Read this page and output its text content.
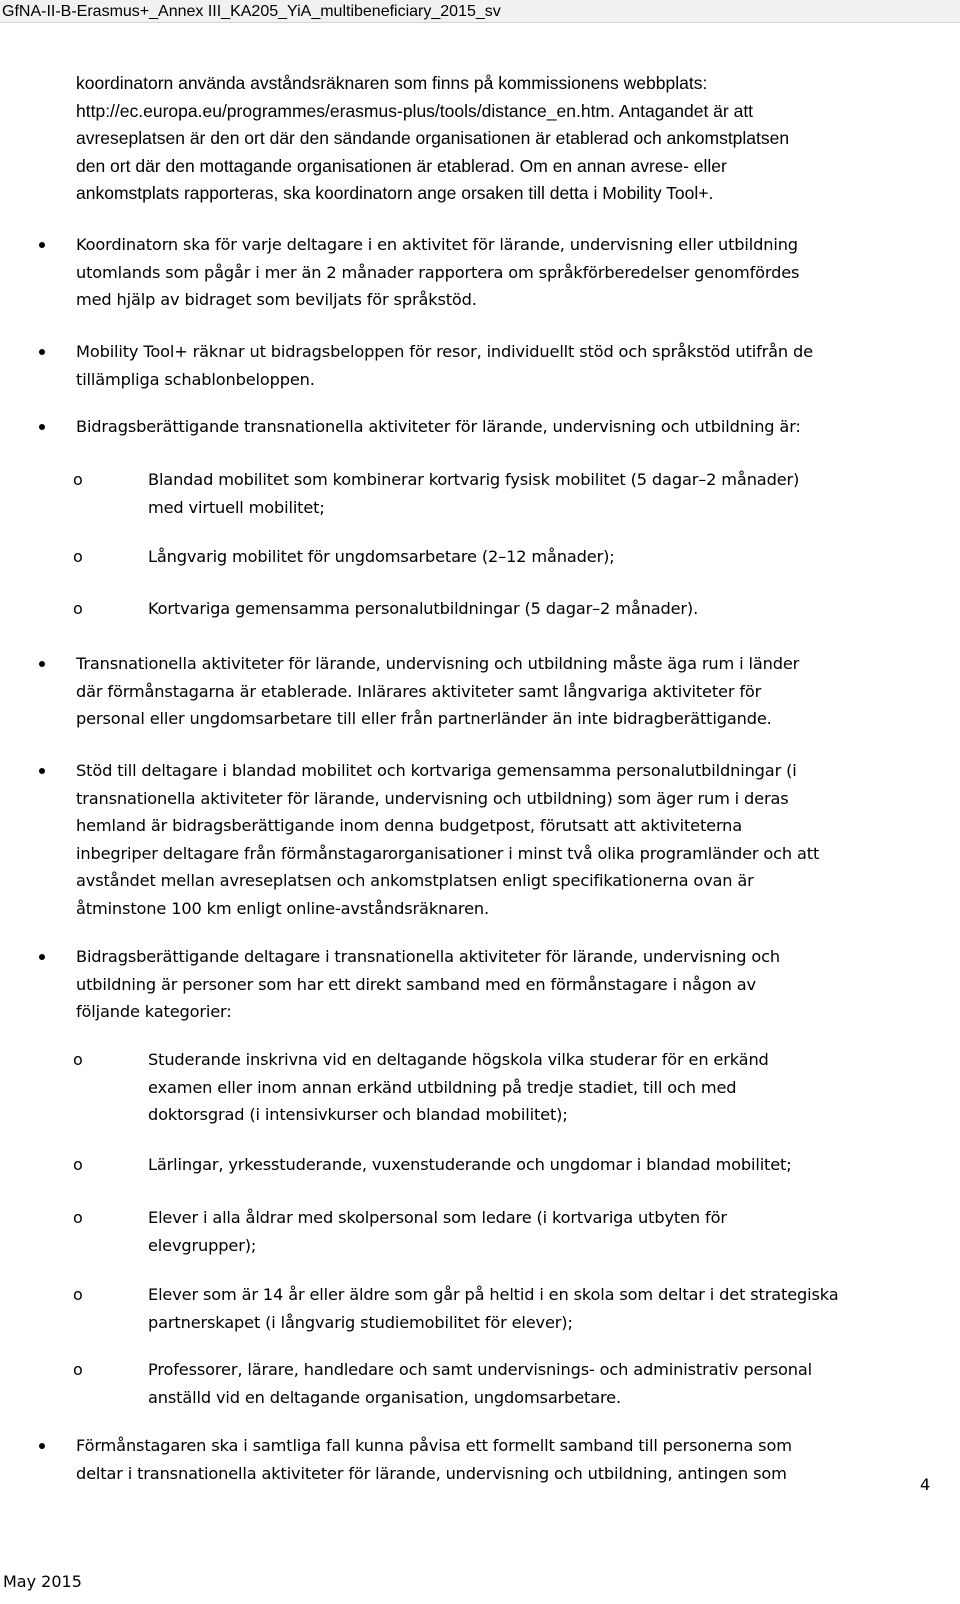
GfNA-II-B-Erasmus+_Annex III_KA205_YiA_multibeneficiary_2015_sv
koordinatorn använda avståndsräknaren som finns på kommissionens webbplats:
http://ec.europa.eu/programmes/erasmus-plus/tools/distance_en.htm. Antagandet är att
avreseplatsen är den ort där den sändande organisationen är etablerad och ankomstplatsen
den ort där den mottagande organisationen är etablerad. Om en annan avrese- eller
ankomstplats rapporteras, ska koordinatorn ange orsaken till detta i Mobility Tool+.
Koordinatorn ska för varje deltagare i en aktivitet för lärande, undervisning eller utbildning
utomlands som pågår i mer än 2 månader rapportera om språkförberedelser genomfördes
med hjälp av bidraget som beviljats för språkstöd.
Mobility Tool+ räknar ut bidragsbeloppen för resor, individuellt stöd och språkstöd utifrån de
tillämpliga schablonbeloppen.
Bidragsberättigande transnationella aktiviteter för lärande, undervisning och utbildning är:
o	Blandad mobilitet som kombinerar kortvarig fysisk mobilitet (5 dagar–2 månader)
med virtuell mobilitet;
o	Långvarig mobilitet för ungdomsarbetare (2–12 månader);
o	Kortvariga gemensamma personalutbildningar (5 dagar–2 månader).
Transnationella aktiviteter för lärande, undervisning och utbildning måste äga rum i länder
där förmånstagarna är etablerade. Inlärares aktiviteter samt långvariga aktiviteter för
personal eller ungdomsarbetare till eller från partnerländer än inte bidragberättigande.
Stöd till deltagare i blandad mobilitet och kortvariga gemensamma personalutbildningar (i
transnationella aktiviteter för lärande, undervisning och utbildning) som äger rum i deras
hemland är bidragsberättigande inom denna budgetpost, förutsatt att aktiviteterna
inbegriper deltagare från förmånstagarorganisationer i minst två olika programländer och att
avståndet mellan avreseplatsen och ankomstplatsen enligt specifikationerna ovan är
åtminstone 100 km enligt online-avståndsräknaren.
Bidragsberättigande deltagare i transnationella aktiviteter för lärande, undervisning och
utbildning är personer som har ett direkt samband med en förmånstagare i någon av
följande kategorier:
o	Studerande inskrivna vid en deltagande högskola vilka studerar för en erkänd
examen eller inom annan erkänd utbildning på tredje stadiet, till och med
doktorsgrad (i intensivkurser och blandad mobilitet);
o	Lärlingar, yrkesstuderande, vuxenstuderande och ungdomar i blandad mobilitet;
o	Elever i alla åldrar med skolpersonal som ledare (i kortvariga utbyten för
elevgrupper);
o	Elever som är 14 år eller äldre som går på heltid i en skola som deltar i det strategiska
partnerskapet (i långvarig studiemobilitet för elever);
o	Professorer, lärare, handledare och samt undervisnings- och administrativ personal
anställd vid en deltagande organisation, ungdomsarbetare.
Förmånstagaren ska i samtliga fall kunna påvisa ett formellt samband till personerna som
deltar i transnationella aktiviteter för lärande, undervisning och utbildning, antingen som
4
May 2015
